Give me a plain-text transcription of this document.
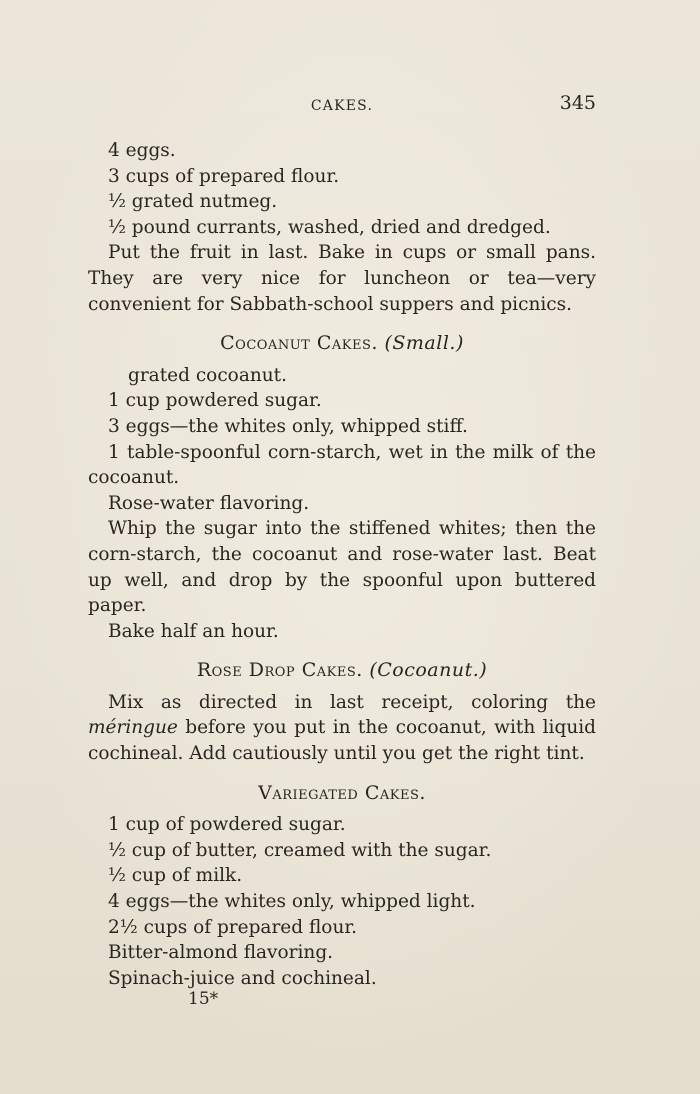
CAKES.	345
4 eggs.
3 cups of prepared flour.
½ grated nutmeg.
½ pound currants, washed, dried and dredged.
Put the fruit in last. Bake in cups or small pans. They are very nice for luncheon or tea—very convenient for Sabbath-school suppers and picnics.
Cocoanut Cakes. (Small.)
grated cocoanut.
1 cup powdered sugar.
3 eggs—the whites only, whipped stiff.
1 table-spoonful corn-starch, wet in the milk of the cocoanut.
Rose-water flavoring.
Whip the sugar into the stiffened whites; then the corn-starch, the cocoanut and rose-water last. Beat up well, and drop by the spoonful upon buttered paper.
Bake half an hour.
Rose Drop Cakes. (Cocoanut.)
Mix as directed in last receipt, coloring the méringue before you put in the cocoanut, with liquid cochineal. Add cautiously until you get the right tint.
Variegated Cakes.
1 cup of powdered sugar.
½ cup of butter, creamed with the sugar.
½ cup of milk.
4 eggs—the whites only, whipped light.
2½ cups of prepared flour.
Bitter-almond flavoring.
Spinach-juice and cochineal.
15*
